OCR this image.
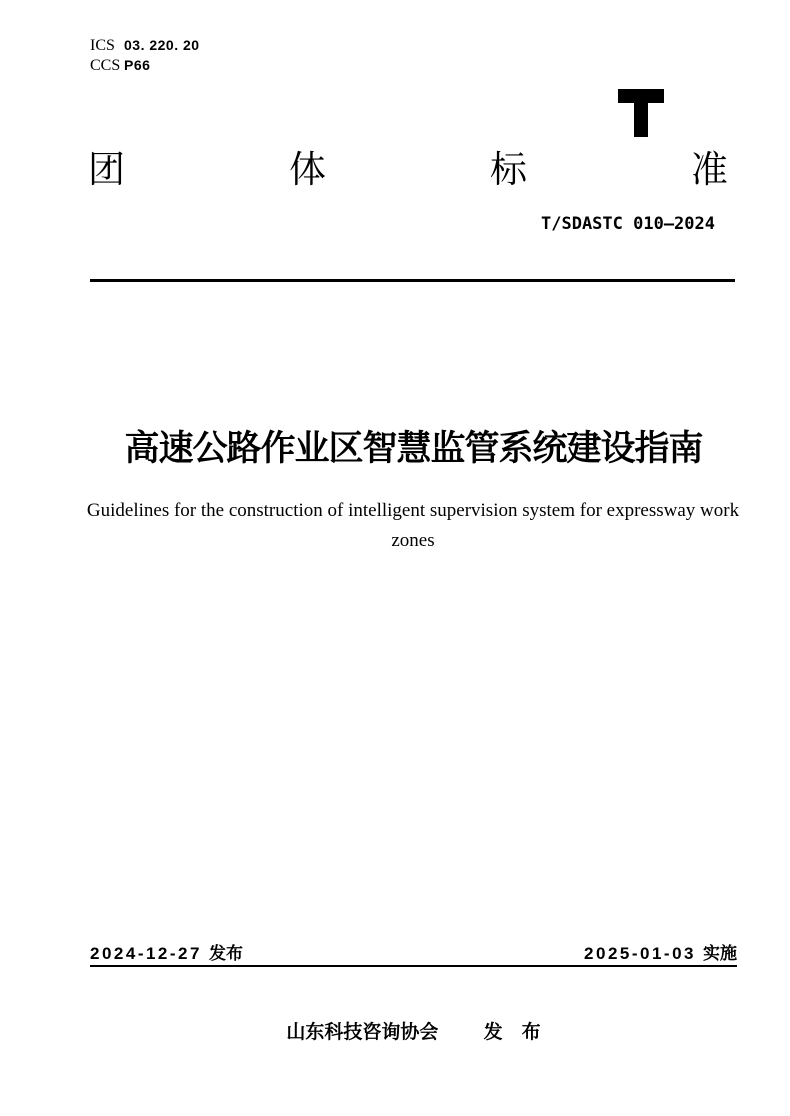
ICS 03. 220. 20
CCS P66
团	体	标	准
T/SDASTC 010—2024
高速公路作业区智慧监管系统建设指南
Guidelines for the construction of intelligent supervision system for expressway work zones
2024-12-27 发布	2025-01-03 实施
山东科技咨询协会 发　布
